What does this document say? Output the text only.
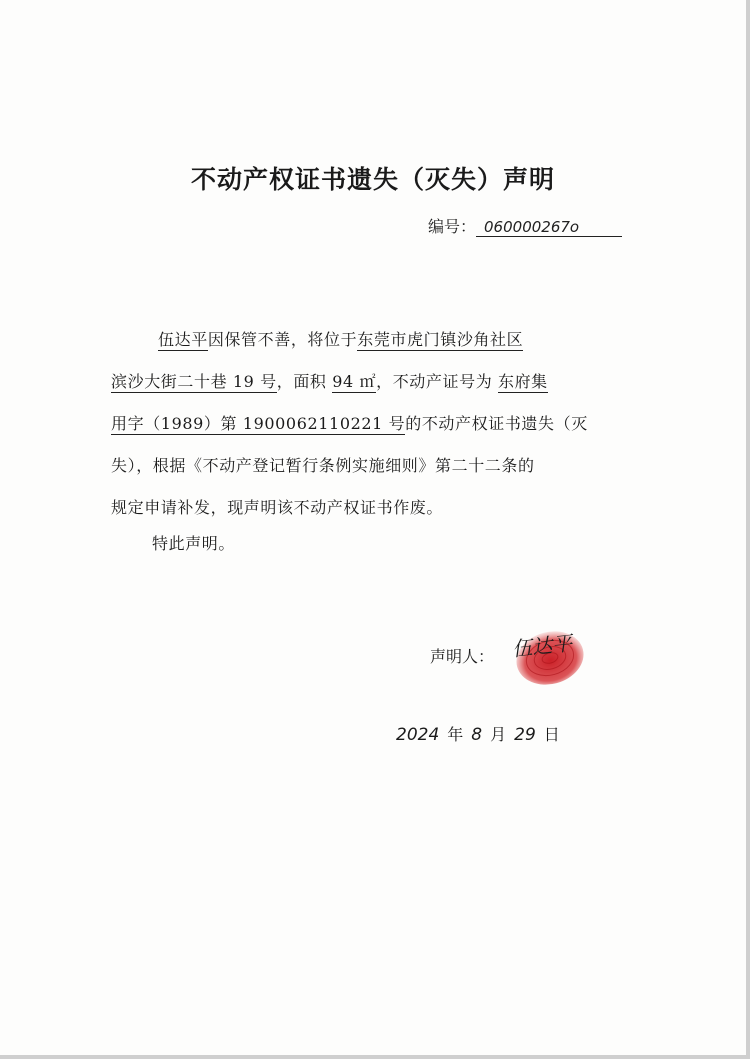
不动产权证书遗失（灭失）声明
编号： 060000267o
伍达平因保管不善，将位于东莞市虎门镇沙角社区
滨沙大街二十巷 19 号，面积 94 ㎡，不动产证号为 东府集
用字（1989）第 1900062110221 号的不动产权证书遗失（灭
失），根据《不动产登记暂行条例实施细则》第二十二条的
规定申请补发，现声明该不动产权证书作废。
特此声明。
声明人： 伍达平
2024 年 8 月 29 日
